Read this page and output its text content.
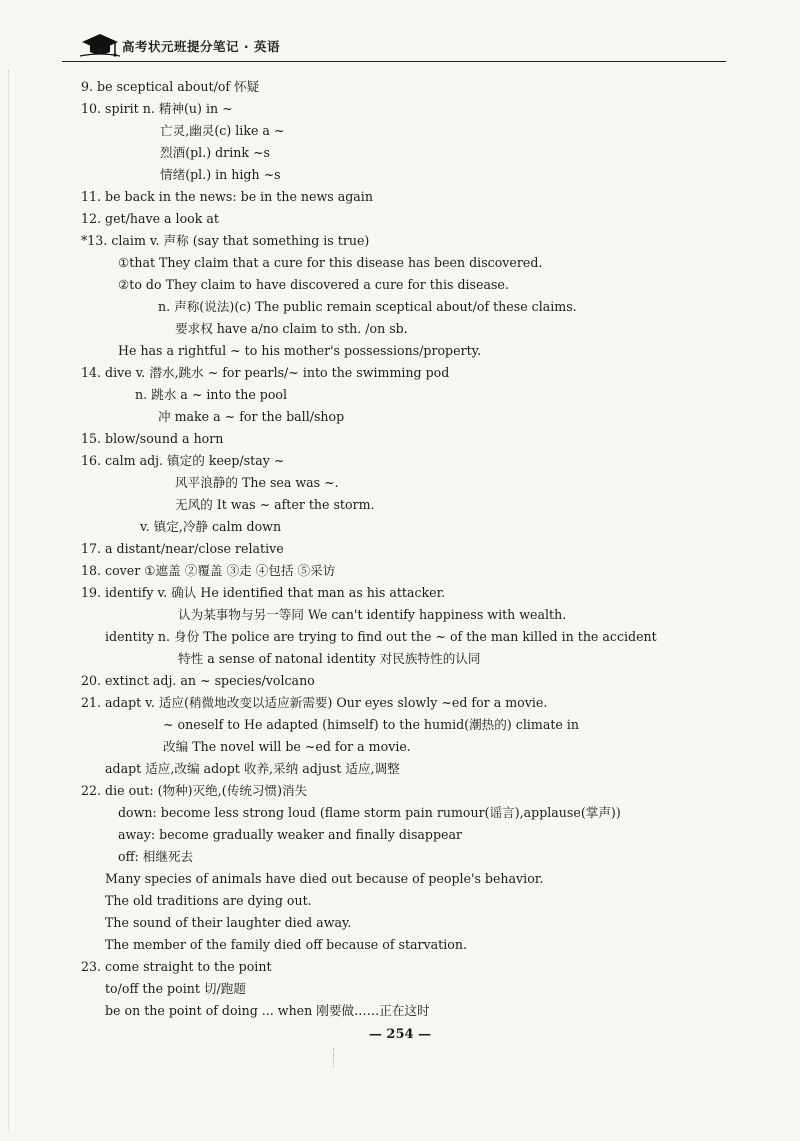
高考状元班提分笔记 · 英语
9. be sceptical about/of 怀疑
10. spirit n. 精神(u) in ~
亡灵,幽灵(c) like a ~
烈酒(pl.) drink ~s
情绪(pl.) in high ~s
11. be back in the news: be in the news again
12. get/have a look at
*13. claim v. 声称 (say that something is true)
①that They claim that a cure for this disease has been discovered.
②to do They claim to have discovered a cure for this disease.
n. 声称(说法)(c) The public remain sceptical about/of these claims.
要求权 have a/no claim to sth. /on sb.
He has a rightful ~ to his mother's possessions/property.
14. dive v. 潜水,跳水 ~ for pearls/~ into the swimming pod
n. 跳水 a ~ into the pool
冲 make a ~ for the ball/shop
15. blow/sound a horn
16. calm adj. 镇定的 keep/stay ~
风平浪静的 The sea was ~.
无风的 It was ~ after the storm.
v. 镇定,冷静 calm down
17. a distant/near/close relative
18. cover ①遮盖 ②覆盖 ③走 ④包括 ⑤采访
19. identify v. 确认 He identified that man as his attacker.
认为某事物与另一等同 We can't identify happiness with wealth.
identity n. 身份 The police are trying to find out the ~ of the man killed in the accident
特性 a sense of natonal identity 对民族特性的认同
20. extinct adj. an ~ species/volcano
21. adapt v. 适应(稍微地改变以适应新需要) Our eyes slowly ~ed for a movie.
~ oneself to He adapted (himself) to the humid(潮热的) climate in
改编 The novel will be ~ed for a movie.
adapt 适应,改编 adopt 收养,采纳 adjust 适应,调整
22. die out: (物种)灭绝,(传统习惯)消失
down: become less strong loud (flame storm pain rumour(谣言),applause(掌声))
away: become gradually weaker and finally disappear
off: 相继死去
Many species of animals have died out because of people's behavior.
The old traditions are dying out.
The sound of their laughter died away.
The member of the family died off because of starvation.
23. come straight to the point
to/off the point 切/跑题
be on the point of doing ... when 刚要做……正在这时
— 254 —
